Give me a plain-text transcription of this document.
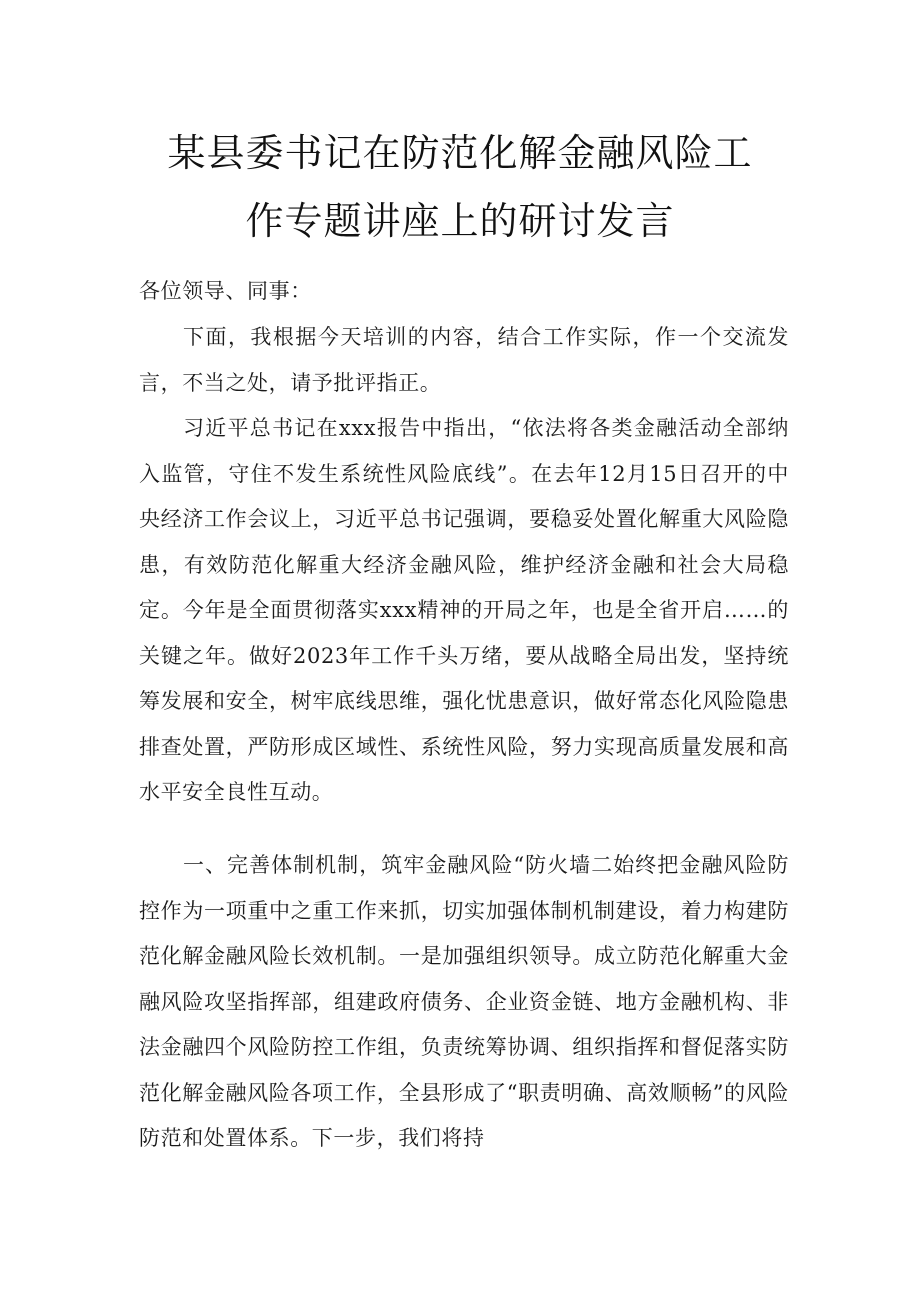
某县委书记在防范化解金融风险工
作专题讲座上的研讨发言
各位领导、同事：
下面，我根据今天培训的内容，结合工作实际，作一个交流发言，不当之处，请予批评指正。
习近平总书记在xxx报告中指出，“依法将各类金融活动全部纳入监管，守住不发生系统性风险底线”。在去年12月15日召开的中央经济工作会议上，习近平总书记强调，要稳妥处置化解重大风险隐患，有效防范化解重大经济金融风险，维护经济金融和社会大局稳定。今年是全面贯彻落实xxx精神的开局之年，也是全省开启……的关键之年。做好2023年工作千头万绪，要从战略全局出发，坚持统筹发展和安全，树牢底线思维，强化忧患意识，做好常态化风险隐患排查处置，严防形成区域性、系统性风险，努力实现高质量发展和高水平安全良性互动。
一、完善体制机制，筑牢金融风险“防火墙二始终把金融风险防控作为一项重中之重工作来抓，切实加强体制机制建设，着力构建防范化解金融风险长效机制。一是加强组织领导。成立防范化解重大金融风险攻坚指挥部，组建政府债务、企业资金链、地方金融机构、非法金融四个风险防控工作组，负责统筹协调、组织指挥和督促落实防范化解金融风险各项工作，全县形成了“职责明确、高效顺畅”的风险防范和处置体系。下一步，我们将持
